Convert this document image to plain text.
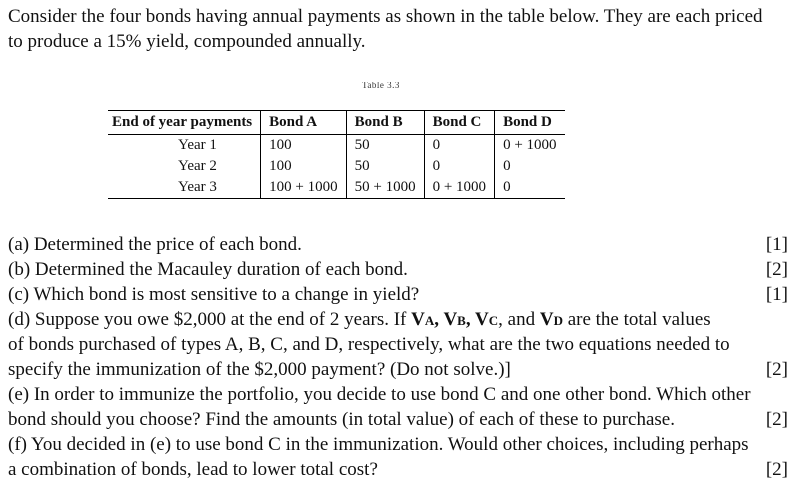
Consider the four bonds having annual payments as shown in the table below. They are each priced to produce a 15% yield, compounded annually.
Table 3.3
End of year payments	Bond A	Bond B	Bond C	Bond D
Year 1	100	50	0	0 + 1000
Year 2	100	50	0	0
Year 3	100 + 1000	50 + 1000	0 + 1000	0
(a) Determined the price of each bond.	[1]
(b) Determined the Macauley duration of each bond.	[2]
(c) Which bond is most sensitive to a change in yield?	[1]
(d) Suppose you owe $2,000 at the end of 2 years. If VA, VB, VC, and VD are the total values
of bonds purchased of types A, B, C, and D, respectively, what are the two equations needed to
specify the immunization of the $2,000 payment? (Do not solve.)]	[2]
(e) In order to immunize the portfolio, you decide to use bond C and one other bond. Which other
bond should you choose? Find the amounts (in total value) of each of these to purchase.	[2]
(f) You decided in (e) to use bond C in the immunization. Would other choices, including perhaps
a combination of bonds, lead to lower total cost?	[2]
